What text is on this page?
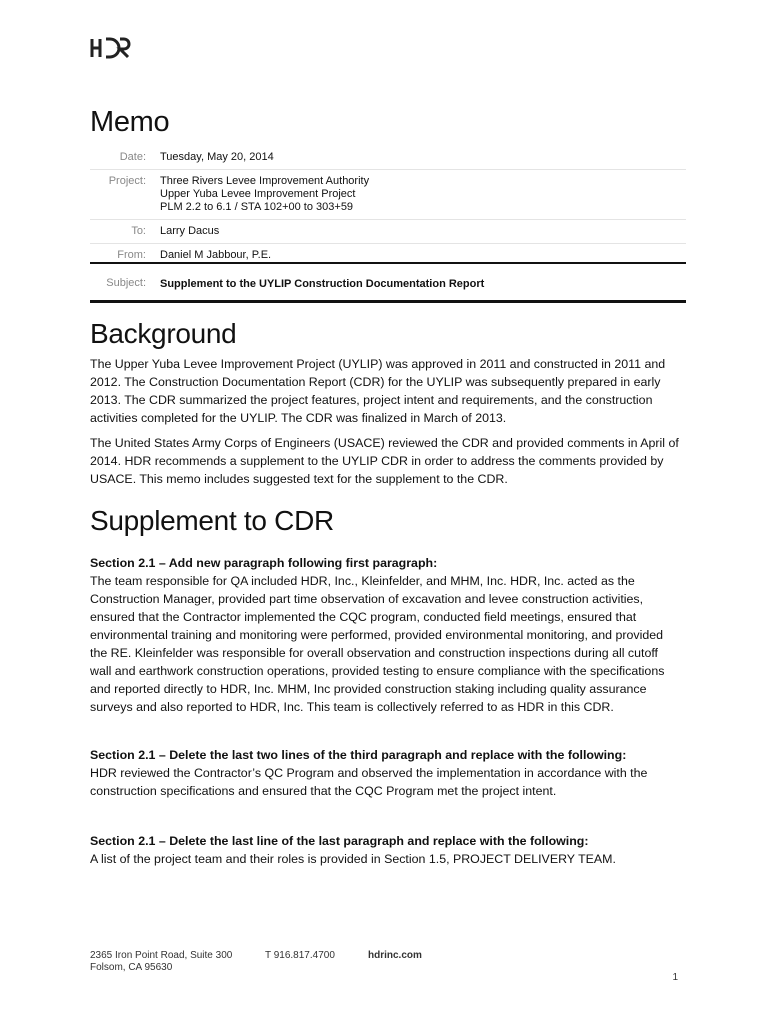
Memo
Date:	Tuesday, May 20, 2014
Project:	Three Rivers Levee Improvement Authority
Upper Yuba Levee Improvement Project
PLM 2.2 to 6.1 / STA 102+00 to 303+59
To:	Larry Dacus
From:	Daniel M Jabbour, P.E.
Subject:	Supplement to the UYLIP Construction Documentation Report
Background

The Upper Yuba Levee Improvement Project (UYLIP) was approved in 2011 and constructed in 2011 and 2012. The Construction Documentation Report (CDR) for the UYLIP was subsequently prepared in early 2013. The CDR summarized the project features, project intent and requirements, and the construction activities completed for the UYLIP. The CDR was finalized in March of 2013.

The United States Army Corps of Engineers (USACE) reviewed the CDR and provided comments in April of 2014. HDR recommends a supplement to the UYLIP CDR in order to address the comments provided by USACE. This memo includes suggested text for the supplement to the CDR.

Supplement to CDR
Section 2.1 – Add new paragraph following first paragraph:
The team responsible for QA included HDR, Inc., Kleinfelder, and MHM, Inc. HDR, Inc. acted as the Construction Manager, provided part time observation of excavation and levee construction activities, ensured that the Contractor implemented the CQC program, conducted field meetings, ensured that environmental training and monitoring were performed, provided environmental monitoring, and provided the RE. Kleinfelder was responsible for overall observation and construction inspections during all cutoff wall and earthwork construction operations, provided testing to ensure compliance with the specifications and reported directly to HDR, Inc. MHM, Inc provided construction staking including quality assurance surveys and also reported to HDR, Inc. This team is collectively referred to as HDR in this CDR.
Section 2.1 – Delete the last two lines of the third paragraph and replace with the following:
HDR reviewed the Contractor’s QC Program and observed the implementation in accordance with the construction specifications and ensured that the CQC Program met the project intent.
Section 2.1 – Delete the last line of the last paragraph and replace with the following:
A list of the project team and their roles is provided in Section 1.5, PROJECT DELIVERY TEAM.
2365 Iron Point Road, Suite 300
Folsom, CA 95630
T 916.817.4700	hdrinc.com
1
